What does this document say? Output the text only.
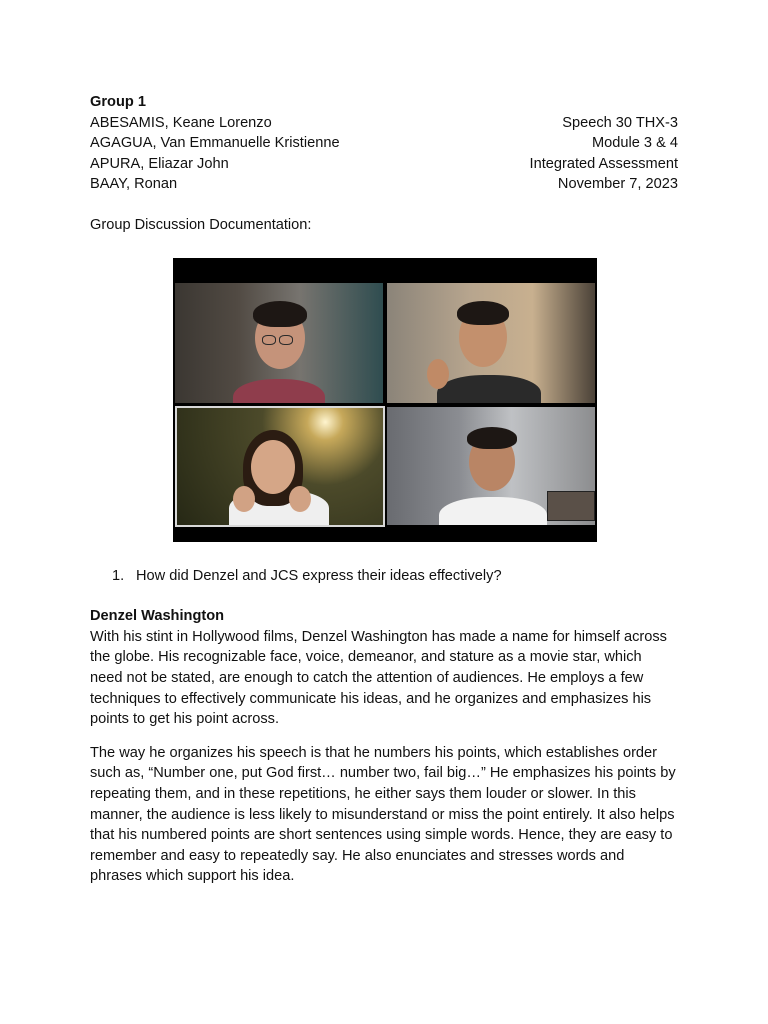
Group 1
ABESAMIS, Keane Lorenzo	Speech 30 THX-3
AGAGUA, Van Emmanuelle Kristienne	Module 3 & 4
APURA, Eliazar John	Integrated Assessment
BAAY, Ronan	November 7, 2023
Group Discussion Documentation:
1. How did Denzel and JCS express their ideas effectively?
Denzel Washington
With his stint in Hollywood films, Denzel Washington has made a name for himself across the globe. His recognizable face, voice, demeanor, and stature as a movie star, which need not be stated, are enough to catch the attention of audiences. He employs a few techniques to effectively communicate his ideas, and he organizes and emphasizes his points to get his point across.
The way he organizes his speech is that he numbers his points, which establishes order such as, “Number one, put God first… number two, fail big…” He emphasizes his points by repeating them, and in these repetitions, he either says them louder or slower. In this manner, the audience is less likely to misunderstand or miss the point entirely. It also helps that his numbered points are short sentences using simple words. Hence, they are easy to remember and easy to repeatedly say. He also enunciates and stresses words and phrases which support his idea.
